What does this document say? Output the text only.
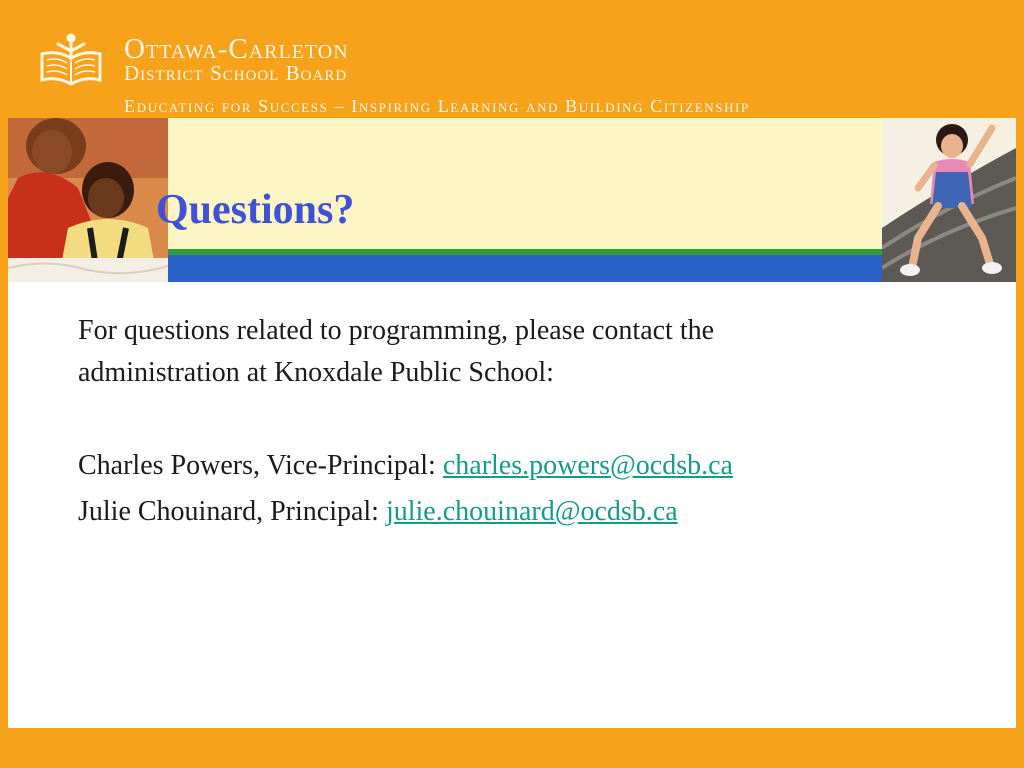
Ottawa-Carleton
District School Board
Educating for Success – Inspiring Learning and Building Citizenship
Questions?

For questions related to programming, please contact the administration at Knoxdale Public School:

Charles Powers, Vice-Principal: charles.powers@ocdsb.ca

Julie Chouinard, Principal: julie.chouinard@ocdsb.ca
